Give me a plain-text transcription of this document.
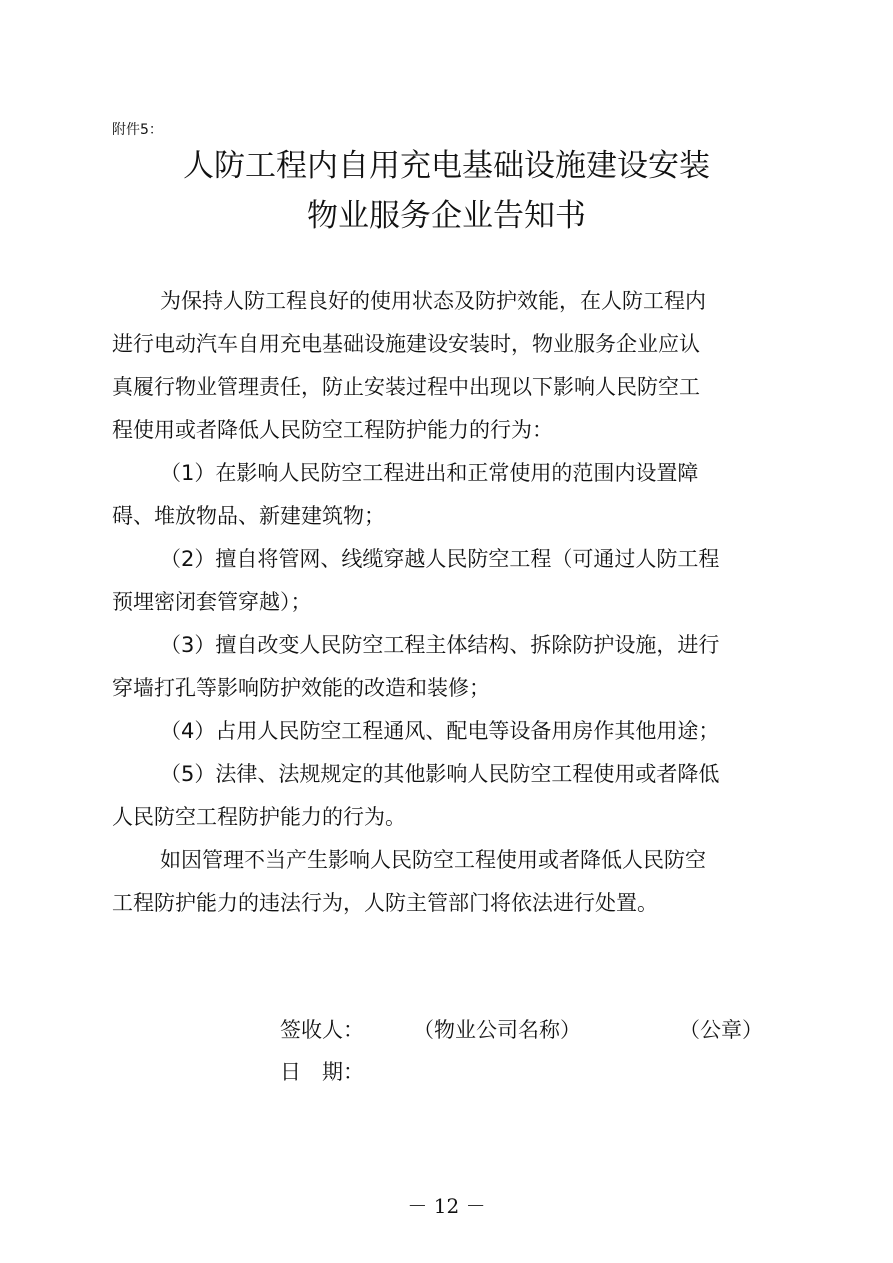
附件5：
人防工程内自用充电基础设施建设安装
物业服务企业告知书
为保持人防工程良好的使用状态及防护效能，在人防工程内
进行电动汽车自用充电基础设施建设安装时，物业服务企业应认
真履行物业管理责任，防止安装过程中出现以下影响人民防空工
程使用或者降低人民防空工程防护能力的行为：
（1）在影响人民防空工程进出和正常使用的范围内设置障
碍、堆放物品、新建建筑物；
（2）擅自将管网、线缆穿越人民防空工程（可通过人防工程
预埋密闭套管穿越）；
（3）擅自改变人民防空工程主体结构、拆除防护设施，进行
穿墙打孔等影响防护效能的改造和装修；
（4）占用人民防空工程通风、配电等设备用房作其他用途；
（5）法律、法规规定的其他影响人民防空工程使用或者降低
人民防空工程防护能力的行为。
如因管理不当产生影响人民防空工程使用或者降低人民防空
工程防护能力的违法行为，人防主管部门将依法进行处置。
签收人： （物业公司名称）	（公章）
日　期：
－ 12 －
